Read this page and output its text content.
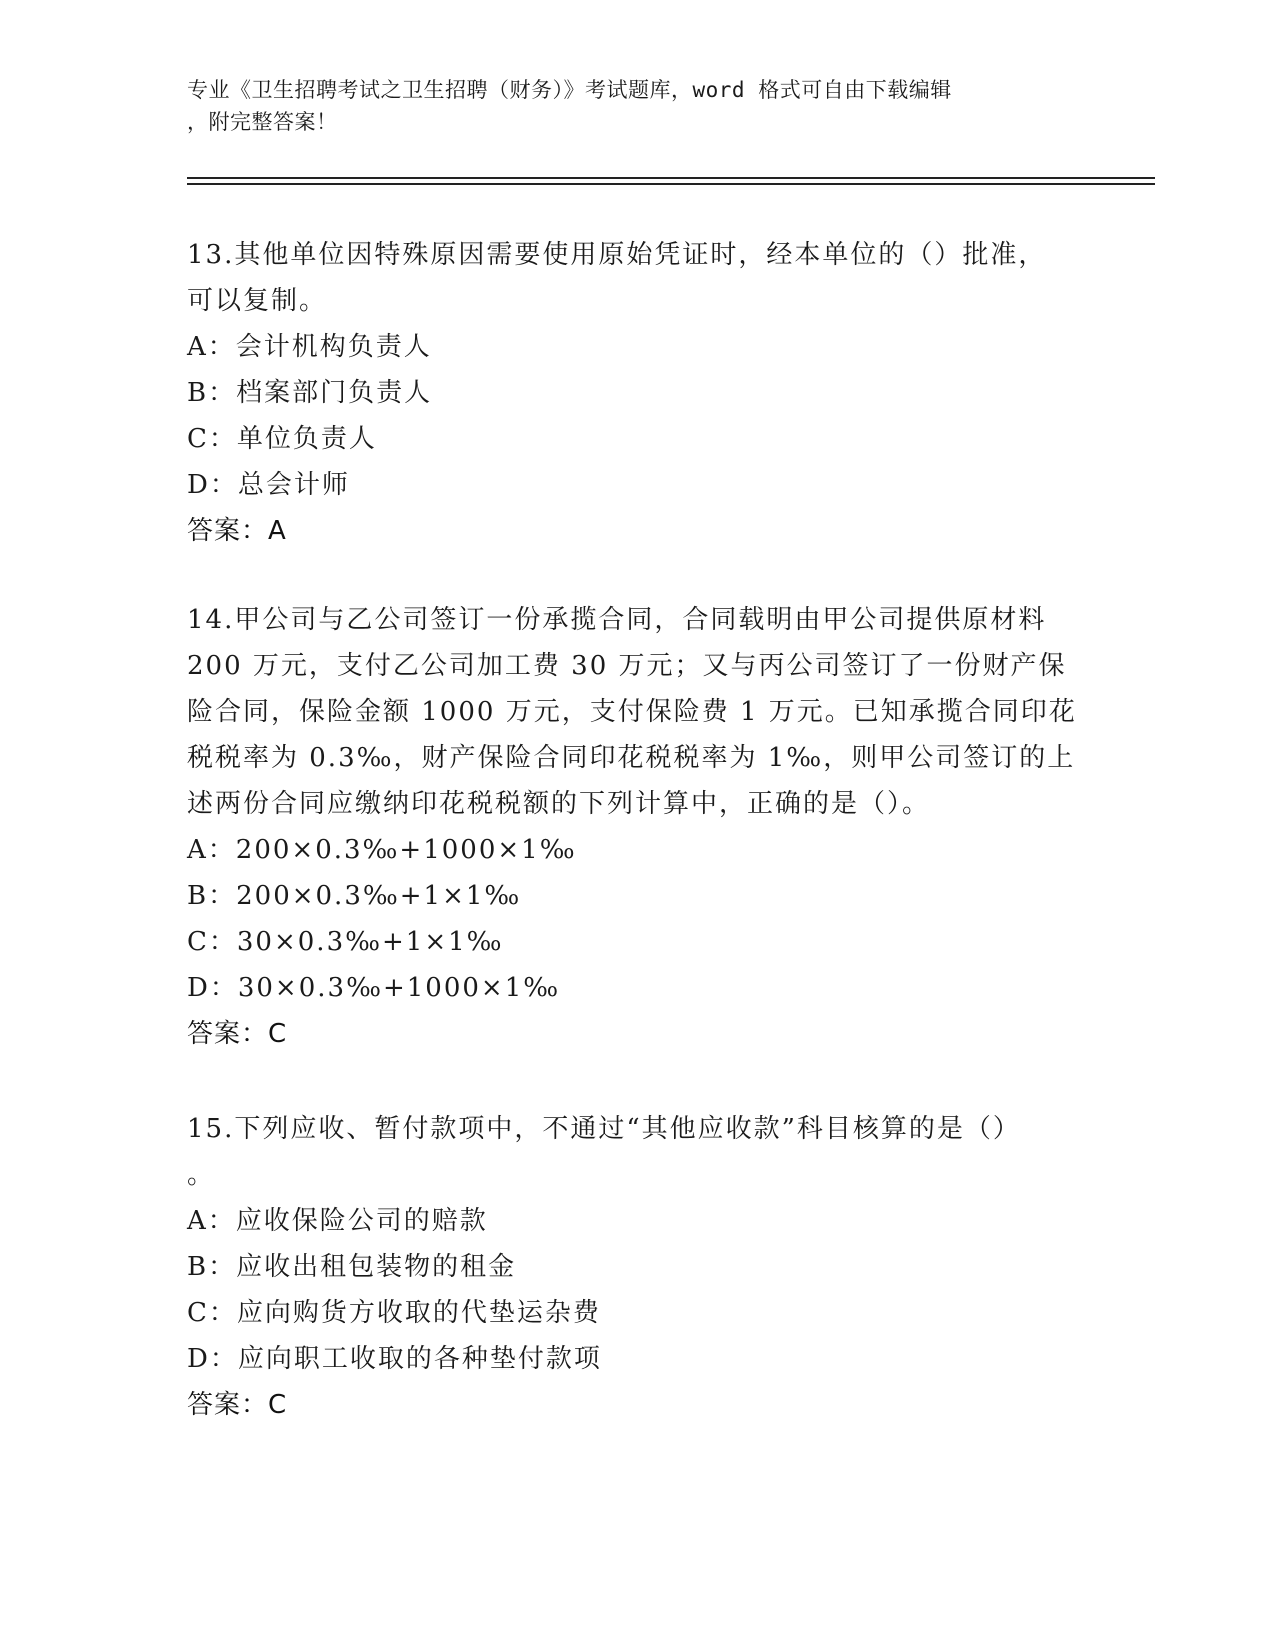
专业《卫生招聘考试之卫生招聘（财务）》考试题库，word 格式可自由下载编辑
，附完整答案！
13.其他单位因特殊原因需要使用原始凭证时，经本单位的（）批准，
可以复制。
A：会计机构负责人
B：档案部门负责人
C：单位负责人
D：总会计师
答案：A
14.甲公司与乙公司签订一份承揽合同，合同载明由甲公司提供原材料
200 万元，支付乙公司加工费 30 万元；又与丙公司签订了一份财产保
险合同，保险金额 1000 万元，支付保险费 1 万元。已知承揽合同印花
税税率为 0.3‰，财产保险合同印花税税率为 1‰，则甲公司签订的上
述两份合同应缴纳印花税税额的下列计算中，正确的是（）。
A：200×0.3‰+1000×1‰
B：200×0.3‰+1×1‰
C：30×0.3‰+1×1‰
D：30×0.3‰+1000×1‰
答案：C
15.下列应收、暂付款项中，不通过“其他应收款”科目核算的是（）
。
A：应收保险公司的赔款
B：应收出租包装物的租金
C：应向购货方收取的代垫运杂费
D：应向职工收取的各种垫付款项
答案：C
